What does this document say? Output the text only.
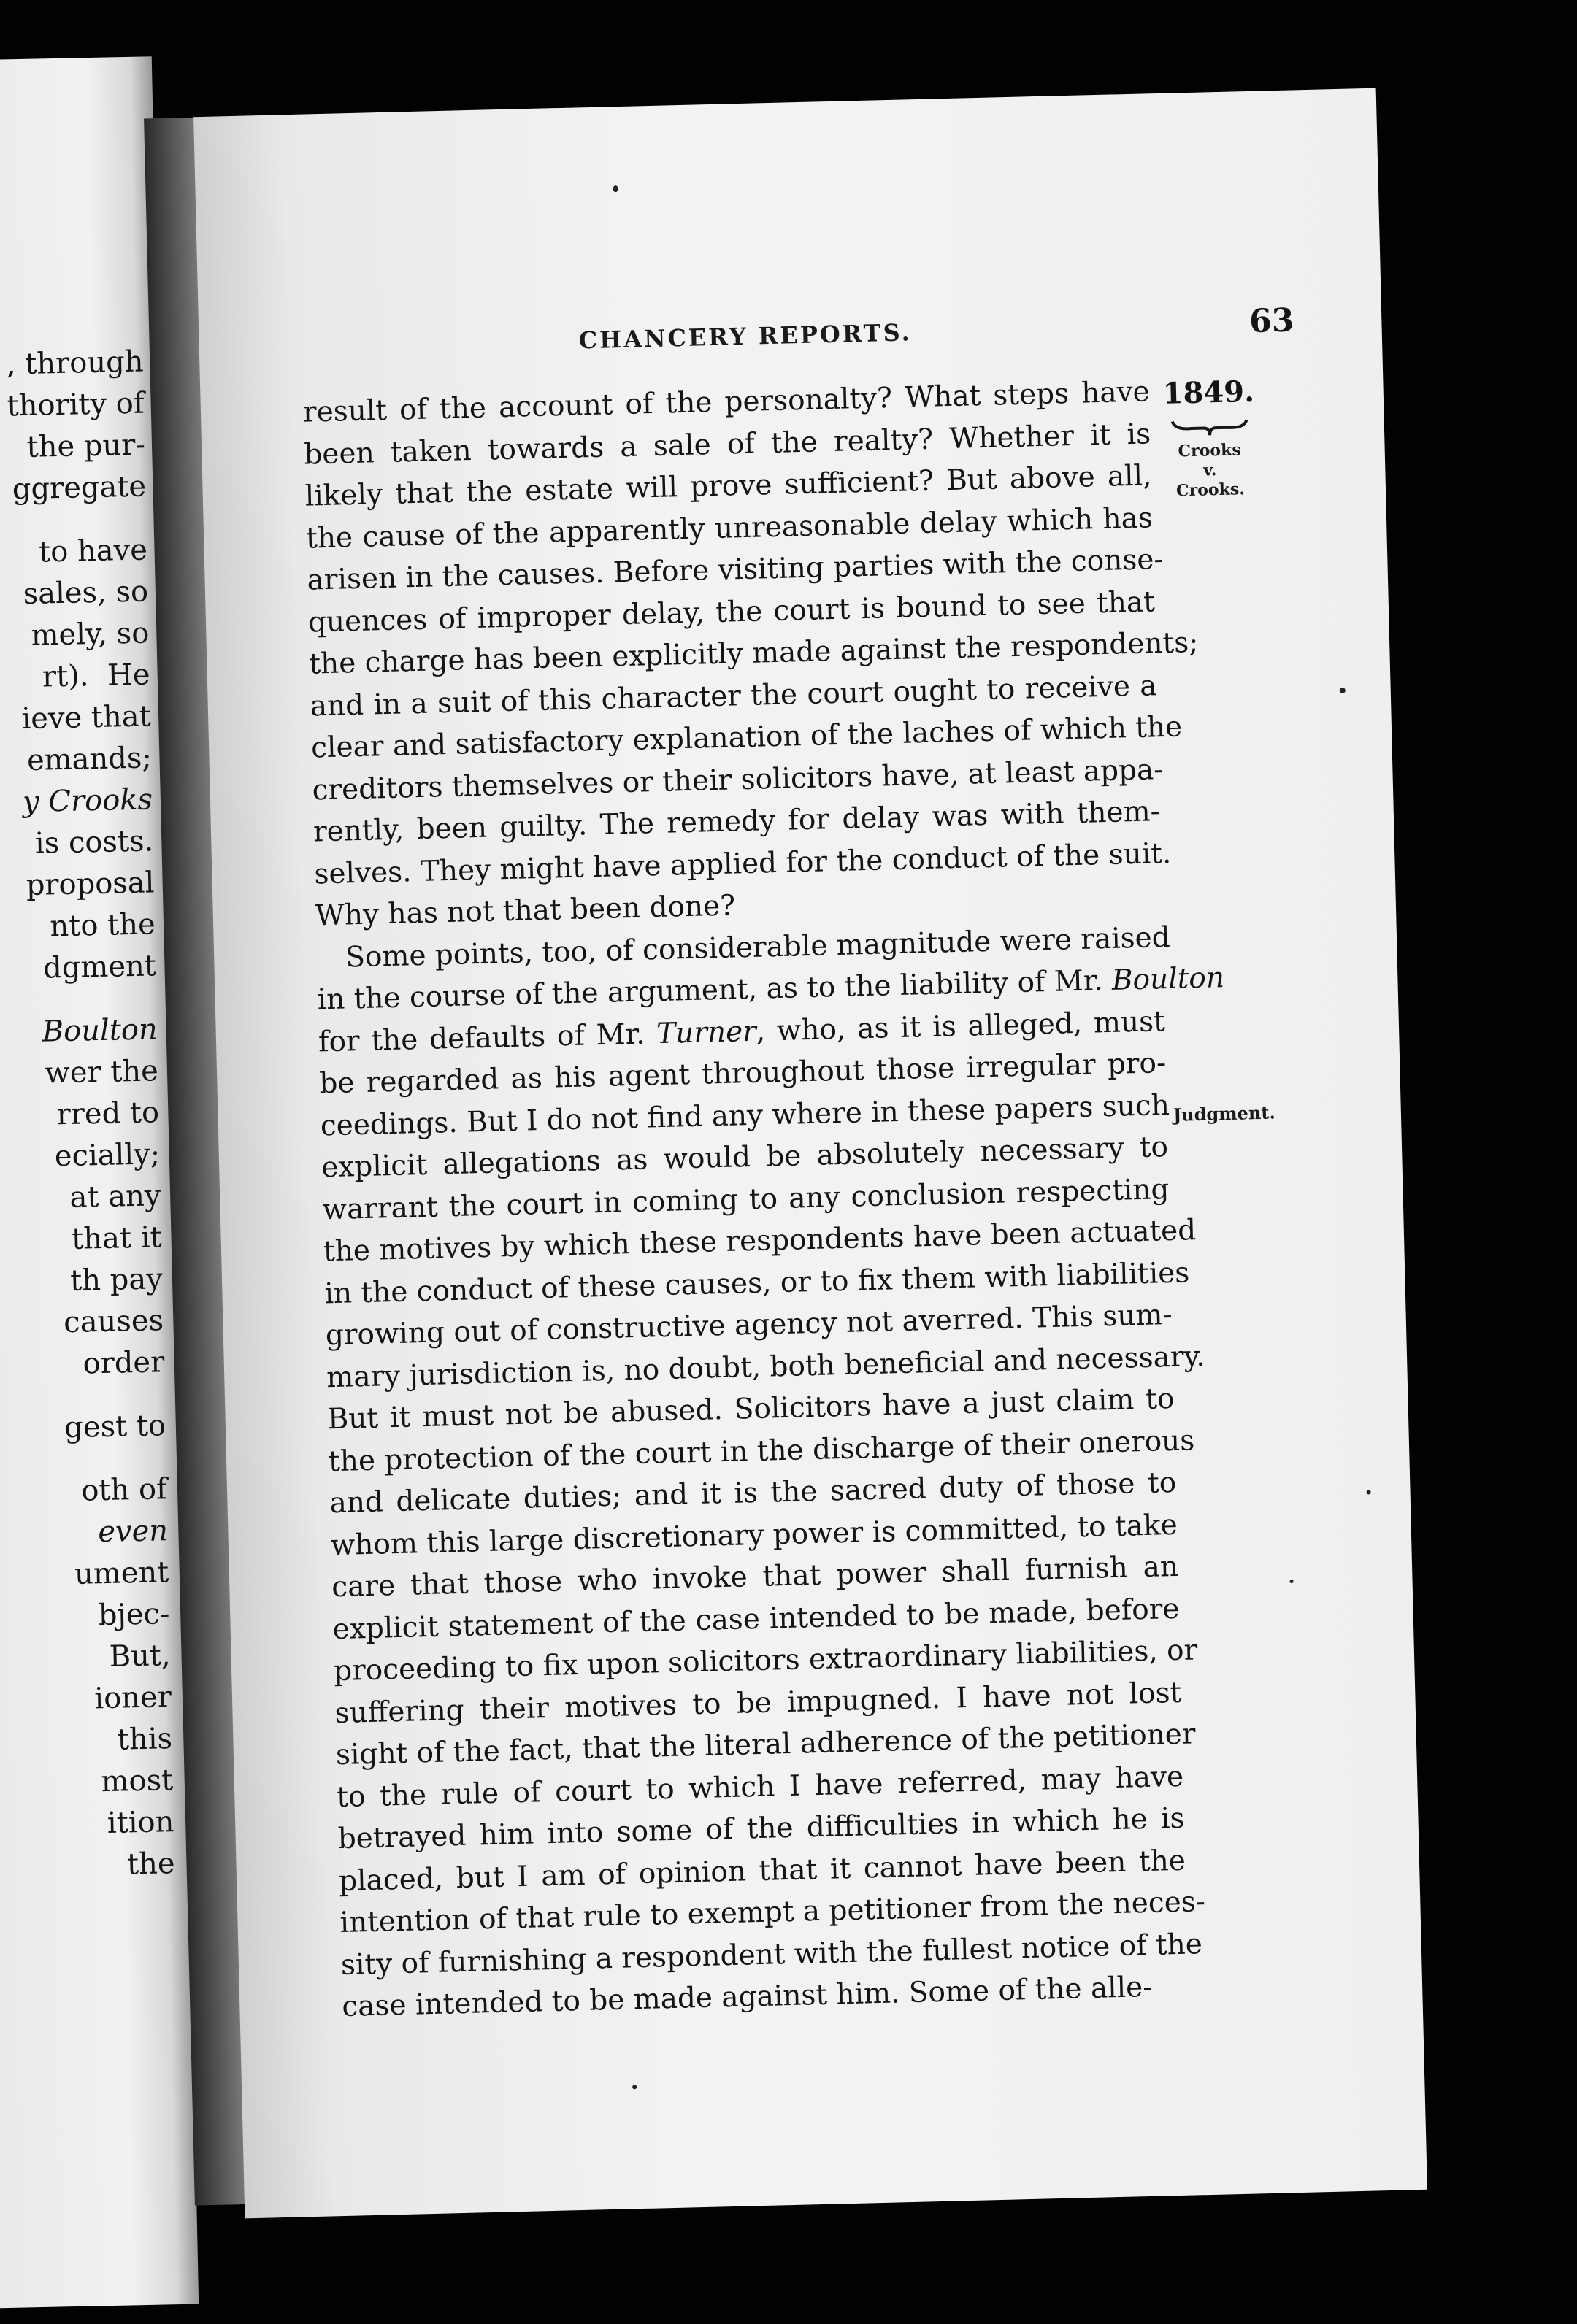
, through
thority of
the pur-
ggregate
to have
sales, so
mely, so
rt).  He
ieve that
emands;
y Crooks
is costs.
proposal
nto the
dgment
Boulton
wer the
rred to
ecially;
at any
that it
th pay
causes
order
gest to
oth of
even
ument
bjec-
But,
ioner
this
most
ition
the
CHANCERY REPORTS.	63
1849.
Crooks
v.
Crooks.
Judgment.
result of the account of the personalty? What steps have
been taken towards a sale of the realty? Whether it is
likely that the estate will prove sufficient? But above all,
the cause of the apparently unreasonable delay which has
arisen in the causes. Before visiting parties with the conse-
quences of improper delay, the court is bound to see that
the charge has been explicitly made against the respondents;
and in a suit of this character the court ought to receive a
clear and satisfactory explanation of the laches of which the
creditors themselves or their solicitors have, at least appa-
rently, been guilty. The remedy for delay was with them-
selves. They might have applied for the conduct of the suit.
Why has not that been done?
Some points, too, of considerable magnitude were raised
in the course of the argument, as to the liability of Mr. Boulton
for the defaults of Mr. Turner, who, as it is alleged, must
be regarded as his agent throughout those irregular pro-
ceedings. But I do not find any where in these papers such
explicit allegations as would be absolutely necessary to
warrant the court in coming to any conclusion respecting
the motives by which these respondents have been actuated
in the conduct of these causes, or to fix them with liabilities
growing out of constructive agency not averred. This sum-
mary jurisdiction is, no doubt, both beneficial and necessary.
But it must not be abused. Solicitors have a just claim to
the protection of the court in the discharge of their onerous
and delicate duties; and it is the sacred duty of those to
whom this large discretionary power is committed, to take
care that those who invoke that power shall furnish an
explicit statement of the case intended to be made, before
proceeding to fix upon solicitors extraordinary liabilities, or
suffering their motives to be impugned. I have not lost
sight of the fact, that the literal adherence of the petitioner
to the rule of court to which I have referred, may have
betrayed him into some of the difficulties in which he is
placed, but I am of opinion that it cannot have been the
intention of that rule to exempt a petitioner from the neces-
sity of furnishing a respondent with the fullest notice of the
case intended to be made against him. Some of the alle-
